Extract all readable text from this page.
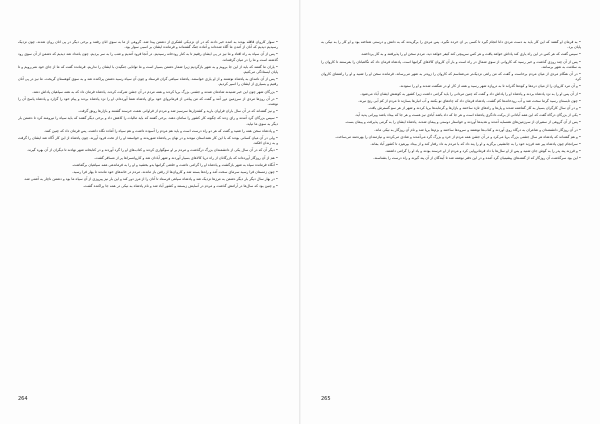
• سوار کاروان قافله بودند به آمده خبر دادند که در آن نزدیکی لشکری از دشمن پیدا شد. گروهی از ما به سوی آنان رفتند و برخی دیگر در پی آنان روان شدند. چون نزدیک رسیدیم دیدیم که آنان از آمدن ما آگاه شده‌اند و آماده جنگ گشته‌اند و فرمانده ایشان بر اسبی سوار بود.

• پس از آن سپاه به راه افتاد و ما نیز در پی ایشان رفتیم تا به کنار رودخانه رسیدیم. در آنجا فرود آمدیم و شب را به سر بردیم. چون بامداد شد دیدیم که دشمن از آن سوی رود گذشته است و ما را در میان گرفته‌اند.

• یاران ما گفتند که باید از این جا برویم و به شهر بازگردیم زیرا شمار دشمن بسیار است و ما توانایی جنگیدن با ایشان را نداریم. فرمانده گفت که ما از جای خود نمی‌رویم و تا پایان ایستادگی می‌کنیم.

• پس از آن نامه‌ای به پادشاه نوشتند و از او یاری خواستند. پادشاه سپاهی گران فرستاد و چون آن سپاه رسید دشمن پراکنده شد و به سوی کوهستان گریخت. ما نیز در پی آنان رفتیم و بسیاری از ایشان را اسیر کردیم.

• بزرگان شهر چون این خبر شنیدند شادمان شدند و جشنی بزرگ برپا کردند و همه مردم در آن جشن شرکت کردند. پادشاه فرمان داد که به همه سپاهیان پاداش دهند.

• در آن روزها مردی از سرزمین دور آمد و گفت که من پیامی از فرمانروای خود برای پادشاه شما آورده‌ام. او را نزد پادشاه بردند و پیام خود را گزارد و پادشاه پاسخ آن را نوشت.

• و نیز گفته‌اند که در آن سال باران فراوان بارید و کشتزارها سرسبز شد و مردم از فراوانی نعمت خرسند گشتند و بازارها رونق گرفت.

• سپس بزرگان گرد آمدند و رای زدند که چگونه کار کشور را سامان دهند. برخی گفتند که باید مالیات را کاهش داد و برخی دیگر گفتند که باید سپاه را نیرومند کرد تا دشمن بار دیگر به سوی ما نیاید.

• و پادشاه سخن همه را شنید و گفت که هر دو راه درست است و باید هم مردم را آسوده داشت و هم سپاه را آماده نگاه داشت. پس فرمان داد که چنین کنند.

• ولی در آن میان کسانی بودند که با این کار همداستان نبودند و در نهان بر پادشاه شوریدند و خواستند او را از تخت فرود آورند. چون پادشاه از این کار آگاه شد ایشان را گرفت و به زندان افکند.

• دیگر آن که در آن سال یکی از دانشمندان بزرگ درگذشت و مردم بر او سوگواری کردند و کتاب‌های او را گرد آوردند و در کتابخانه شهر نهادند تا دیگران از آن بهره گیرند.

• هم از آن روزگار آورده‌اند که بازرگانان از راه دریا کالاهای بسیار آوردند و شهر آبادان شد و کاروانسراها پر از مسافر گشت.

• آنگاه فرمانده سپاه به شهر بازگشت و پادشاه او را گرامی داشت و خلعتی گرانبها بدو بخشید و او را به فرماندهی همه سپاهیان برگماشت.

• چون زمستان فرا رسید سرمای سخت آمد و راه‌ها بسته شد و کاروان‌ها از رفتن باز ماندند. مردم در خانه‌های خود ماندند تا بهار فرا رسید.

• در بهار سال دیگر بار دیگر دشمن به مرزها نزدیک شد و پادشاه سپاهی فرستاد تا آنان را از مرز دور کند و این بار نیز پیروزی از آن سپاه ما بود و دشمن ناچار به آشتی شد.

• و چنین بود که سال‌ها در آرامش گذشت و مردم در آسایش زیستند و کشور آباد شد و نام پادشاه به نیکی در همه جا پراکنده گشت.

264

• به فرمان او گفتند که این کار باید به دست مردی دانا انجام گیرد تا کسی بر آن خرده نگیرد. پس مردی را برگزیدند که به دانش و درستی شناخته بود و او کار را به نیکی به پایان برد.

• سپس گفت که هر کس در این راه یاری کند پاداش خواهد یافت و هر کس سرپیچی کند کیفر خواهد دید. مردم سخن او را پذیرفتند و به کار پرداختند.

• پس از آن چند روزی گذشت و خبر رسید که کاروانی از سوی شمال در راه است و بار آن کاروان کالاهای گرانبها است. پادشاه فرمان داد که نگاهبانان را بفرستند تا کاروان را به سلامت به شهر برسانند.

• در آن هنگام مردی از میان مردم برخاست و گفت که من راهی نزدیک‌تر می‌شناسم که کاروان را زودتر به شهر می‌رساند. فرمانده سخن او را شنید و او را راهنمای کاروان کرد.

• و آن مرد کاروان را از میان دره‌ها و کوه‌ها گذراند تا به دروازه شهر رسید و همه از کار او در شگفت شدند و او را ستودند.

• از آن پس او را به نزد پادشاه بردند و پادشاه او را پاداش داد و گفت که چنین مردانی را باید گرامی داشت زیرا کشور به کوشش ایشان آباد می‌شود.

• چون تابستان رسید گرما سخت شد و آب رودخانه‌ها کم گشت. پادشاه فرمان داد که چاه‌های نو بکنند و آب انبارها بسازند تا مردم از کم آبی رنج نبرند.

• و در آن سال کارگران بسیار به کار گماشته شدند و پل‌ها و راه‌های تازه ساختند و بازارها و گرمابه‌ها برپا کردند و شهر از هر سو گسترش یافت.

• یکی از بزرگان درگاه گفت که این همه آبادانی از برکت دادگری پادشاه است و هر جا که داد باشد آبادی نیز هست و هر جا که بیداد باشد ویرانی پدید آید.

• پس از آن گروهی از سفیران از سرزمین‌های همسایه آمدند و هدیه‌ها آوردند و خواستار دوستی و پیمان شدند. پادشاه ایشان را به گرمی پذیرفت و پیمان بست.

• در آن روزگار دانشمندان و شاعران به درگاه روی آوردند و کتاب‌ها نوشتند و سرودها ساختند و بزم‌ها برپا شد و نام آن روزگار به نیکی ماند.

• و هم گفته‌اند که پادشاه هر سال جشنی بزرگ برپا می‌کرد و در آن جشن همه مردم از خرد و بزرگ گرد می‌آمدند و شادی می‌کردند و نیازمندان را بهره‌مند می‌ساخت.

• سرانجام چون پادشاه پیر شد فرزند خود را به جانشینی برگزید و او را پند داد که با مردم به داد رفتار کند و از بیداد بپرهیزد تا کشور آباد بماند.

• و فرزند پند پدر را به گوش جان شنید و پس از او سال‌ها با داد فرمانروایی کرد و مردم از او خرسند بودند و یاد او را گرامی داشتند.

• این بود سرگذشت آن روزگار که از گفته‌های پیشینیان گرد آمده و در این دفتر نوشته شد تا آیندگان از آن پند گیرند و راه درست را بشناسند.

265
